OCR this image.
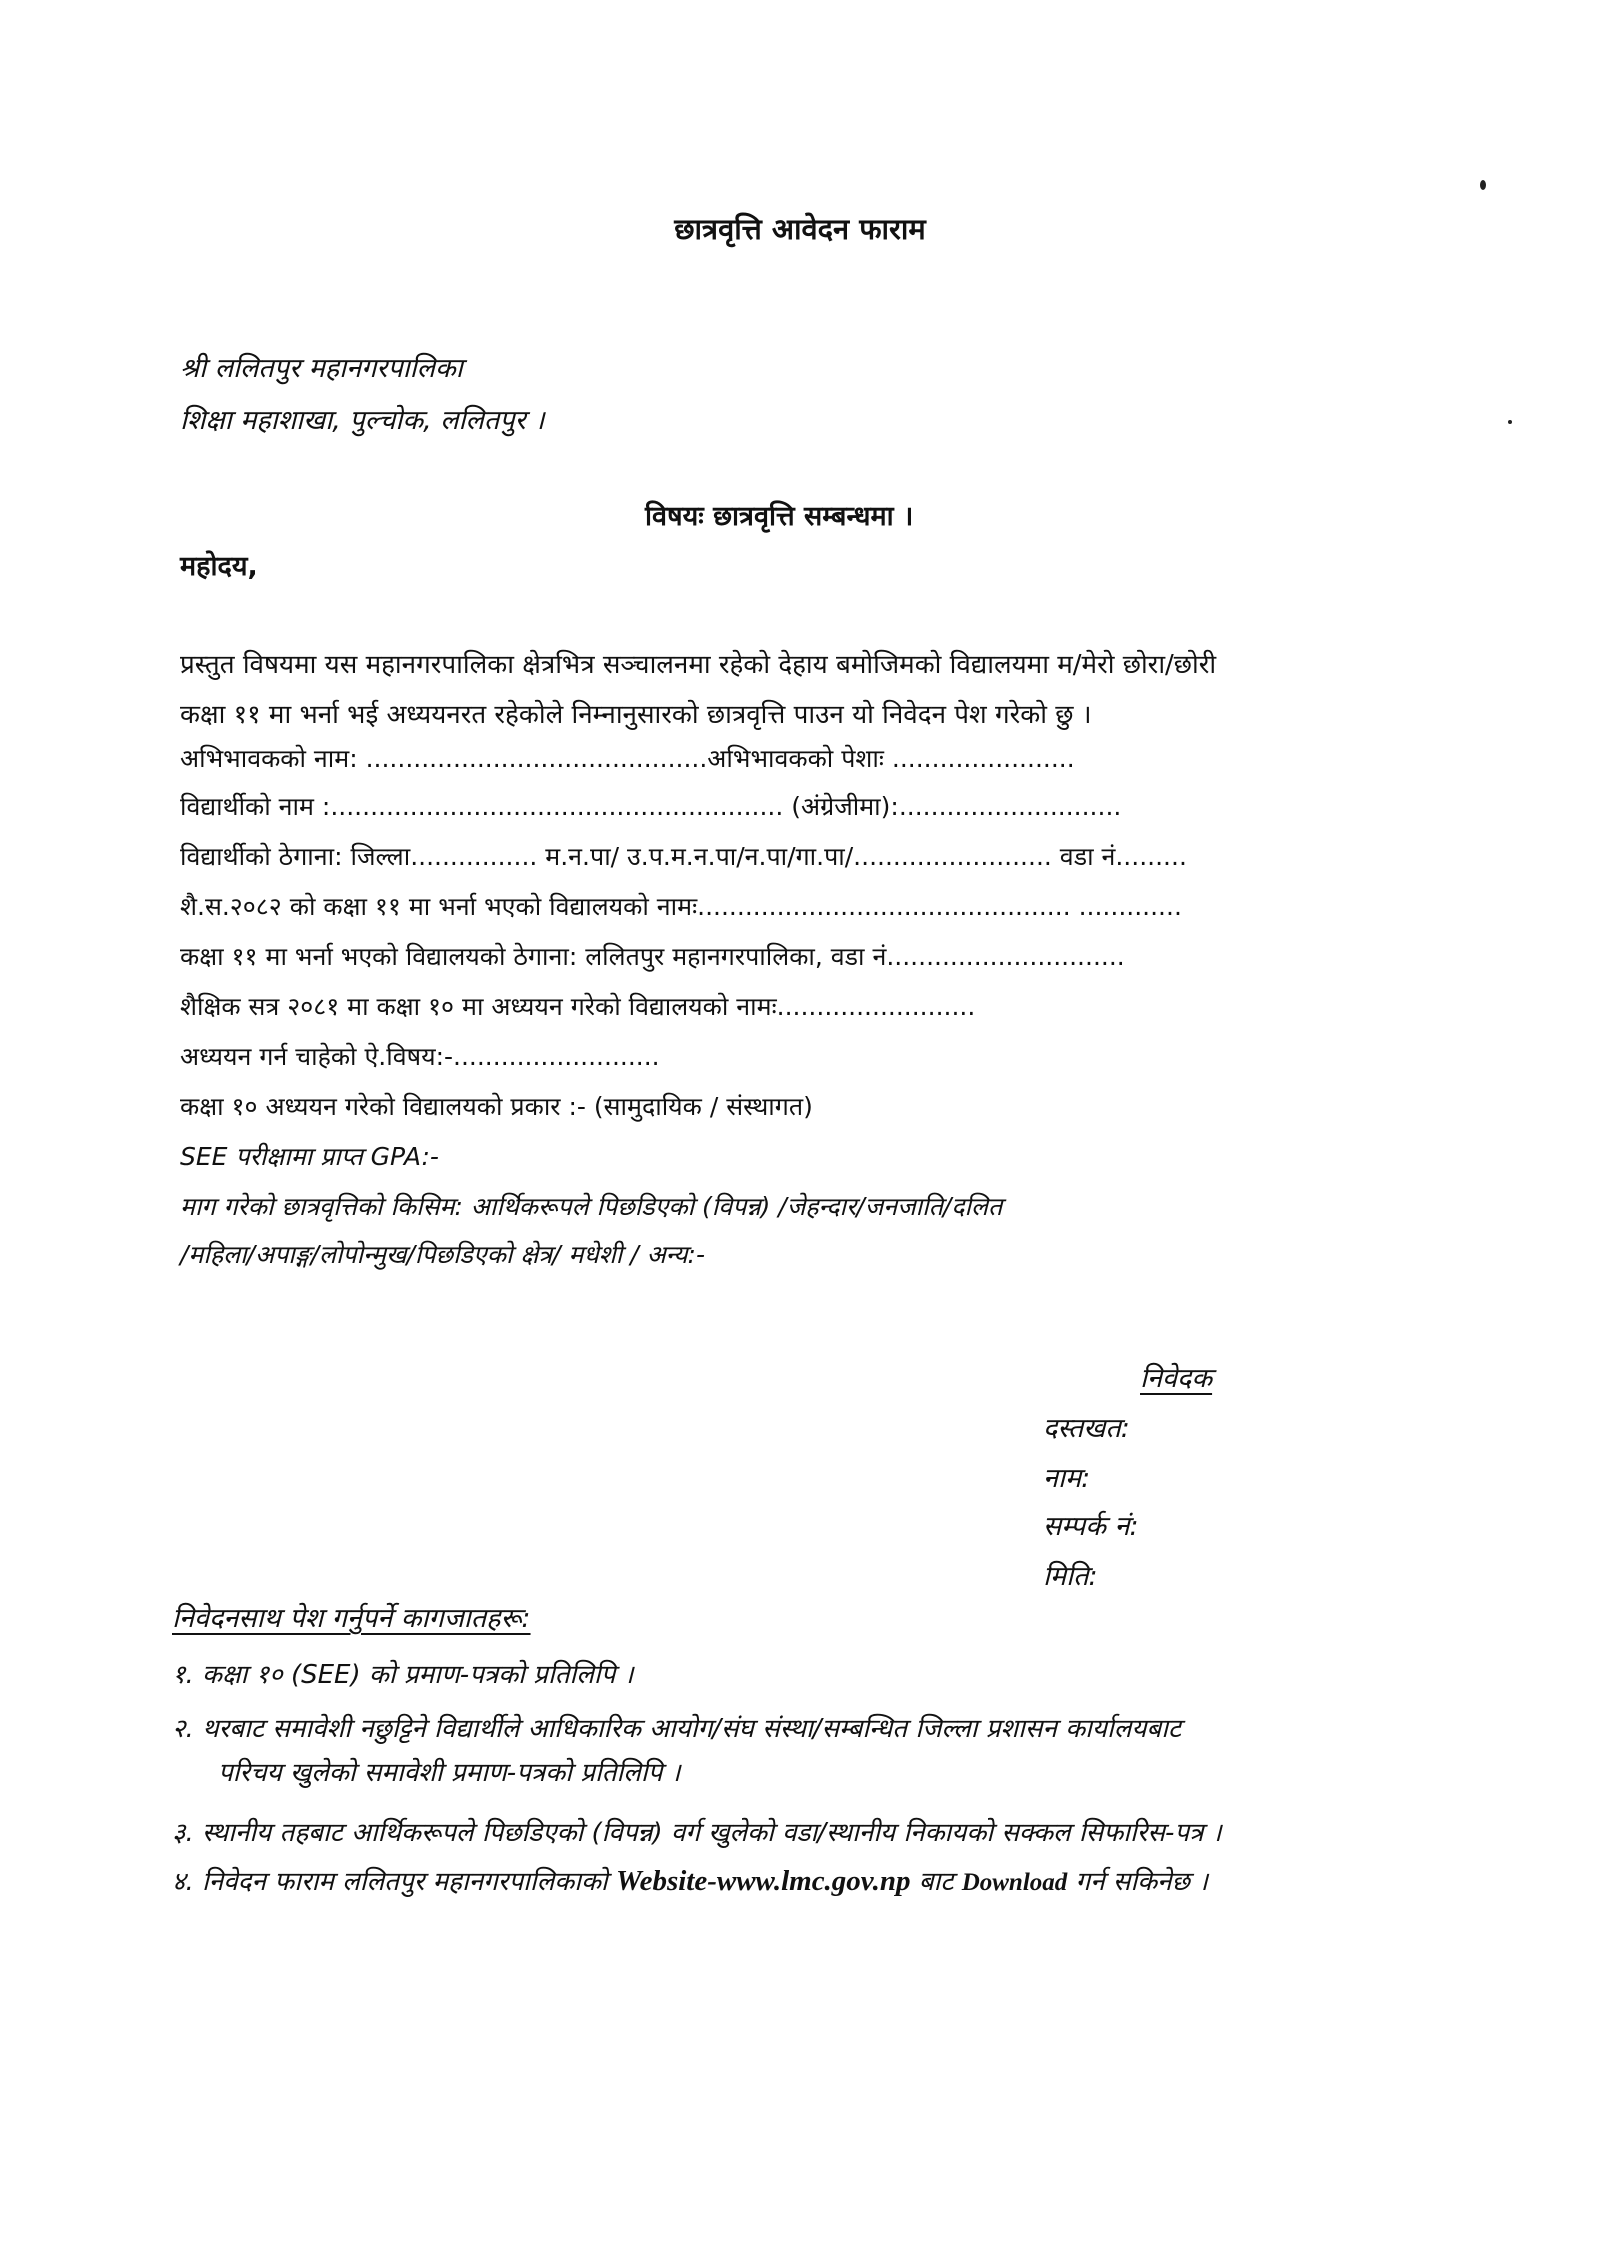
छात्रवृत्ति आवेदन फाराम
श्री ललितपुर महानगरपालिका
शिक्षा महाशाखा, पुल्चोक, ललितपुर ।
विषयः छात्रवृत्ति सम्बन्धमा ।
महोदय,
प्रस्तुत विषयमा यस महानगरपालिका क्षेत्रभित्र सञ्चालनमा रहेको देहाय बमोजिमको विद्यालयमा म/मेरो छोरा/छोरी
कक्षा ११ मा भर्ना भई अध्ययनरत रहेकोले निम्नानुसारको छात्रवृत्ति पाउन यो निवेदन पेश गरेको छु ।
अभिभावकको नाम: ...........................................अभिभावकको पेशाः .......................
विद्यार्थीको नाम :......................................................... (अंग्रेजीमा):............................
विद्यार्थीको ठेगाना: जिल्ला................ म.न.पा/ उ.प.म.न.पा/न.पा/गा.पा/......................... वडा नं.........
शै.स.२०८२ को कक्षा ११ मा भर्ना भएको विद्यालयको नामः............................................... .............
कक्षा ११ मा भर्ना भएको विद्यालयको ठेगाना: ललितपुर महानगरपालिका, वडा नं..............................
शैक्षिक सत्र २०८१ मा कक्षा १० मा अध्ययन गरेको विद्यालयको नामः.........................
अध्ययन गर्न चाहेको ऐ.विषय:-..........................
कक्षा १० अध्ययन गरेको विद्यालयको प्रकार :- (सामुदायिक / संस्थागत)
SEE परीक्षामा प्राप्त GPA:-
माग गरेको छात्रवृत्तिको किसिम: आर्थिकरूपले पिछडिएको (विपन्न) /जेहन्दार/जनजाति/दलित
/महिला/अपाङ्ग/लोपोन्मुख/पिछडिएको क्षेत्र/ मधेशी / अन्य:-
निवेदक
दस्तखत:
नाम:
सम्पर्क नं:
मिति:
निवेदनसाथ पेश गर्नुपर्ने कागजातहरू:
१. कक्षा १० (SEE) को प्रमाण-पत्रको प्रतिलिपि ।
२. थरबाट समावेशी नछुट्टिने विद्यार्थीले आधिकारिक आयोग/संघ संस्था/सम्बन्धित जिल्ला प्रशासन कार्यालयबाट
परिचय खुलेको समावेशी प्रमाण-पत्रको प्रतिलिपि ।
३. स्थानीय तहबाट आर्थिकरूपले पिछडिएको (विपन्न) वर्ग खुलेको वडा/स्थानीय निकायको सक्कल सिफारिस-पत्र ।
४. निवेदन फाराम ललितपुर महानगरपालिकाको Website-www.lmc.gov.np बाट Download गर्न सकिनेछ ।
